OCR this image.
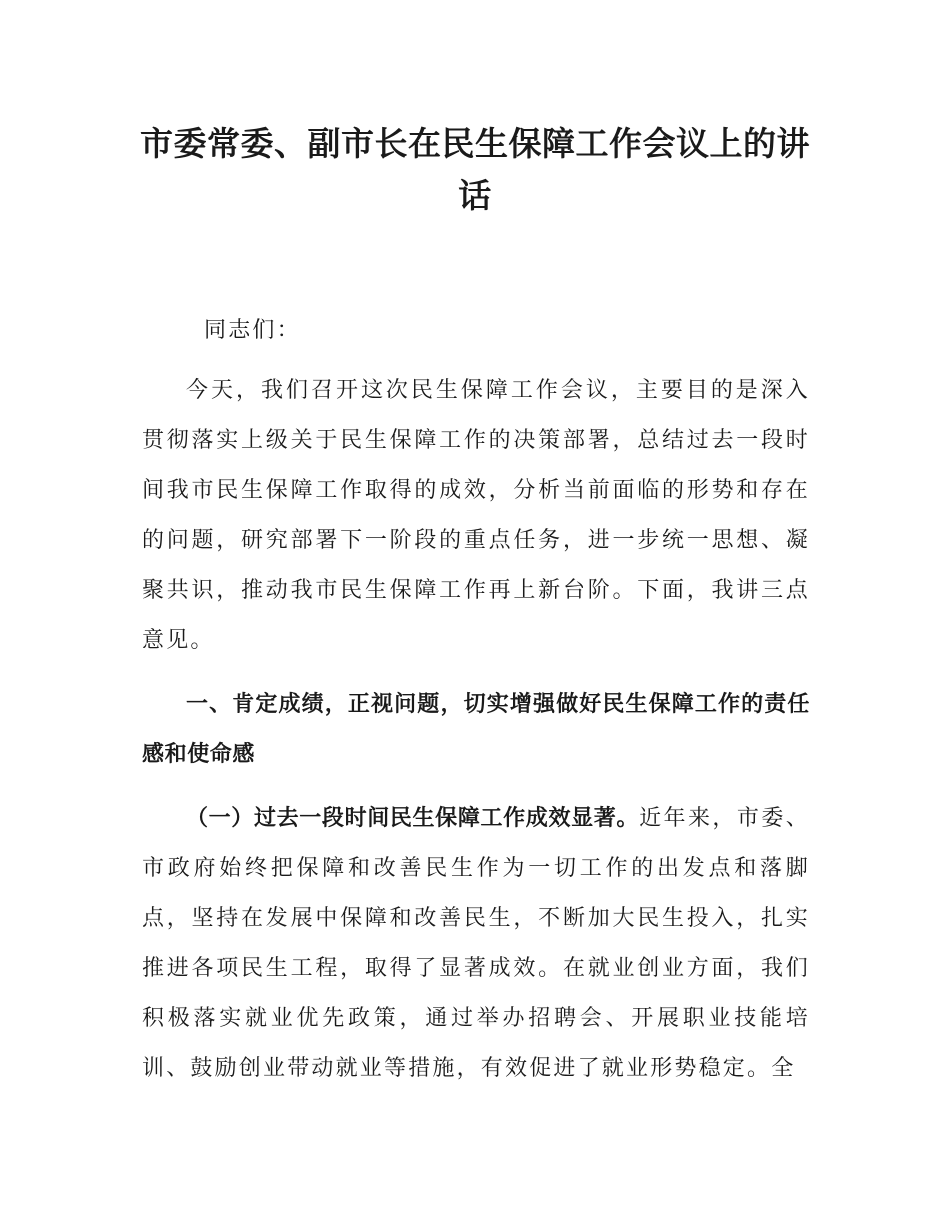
市委常委、副市长在民生保障工作会议上的讲话

同志们：

今天，我们召开这次民生保障工作会议，主要目的是深入贯彻落实上级关于民生保障工作的决策部署，总结过去一段时间我市民生保障工作取得的成效，分析当前面临的形势和存在的问题，研究部署下一阶段的重点任务，进一步统一思想、凝聚共识，推动我市民生保障工作再上新台阶。下面，我讲三点意见。

一、肯定成绩，正视问题，切实增强做好民生保障工作的责任感和使命感

（一）过去一段时间民生保障工作成效显著。近年来，市委、市政府始终把保障和改善民生作为一切工作的出发点和落脚点，坚持在发展中保障和改善民生，不断加大民生投入，扎实推进各项民生工程，取得了显著成效。在就业创业方面，我们积极落实就业优先政策，通过举办招聘会、开展职业技能培训、鼓励创业带动就业等措施，有效促进了就业形势稳定。全
